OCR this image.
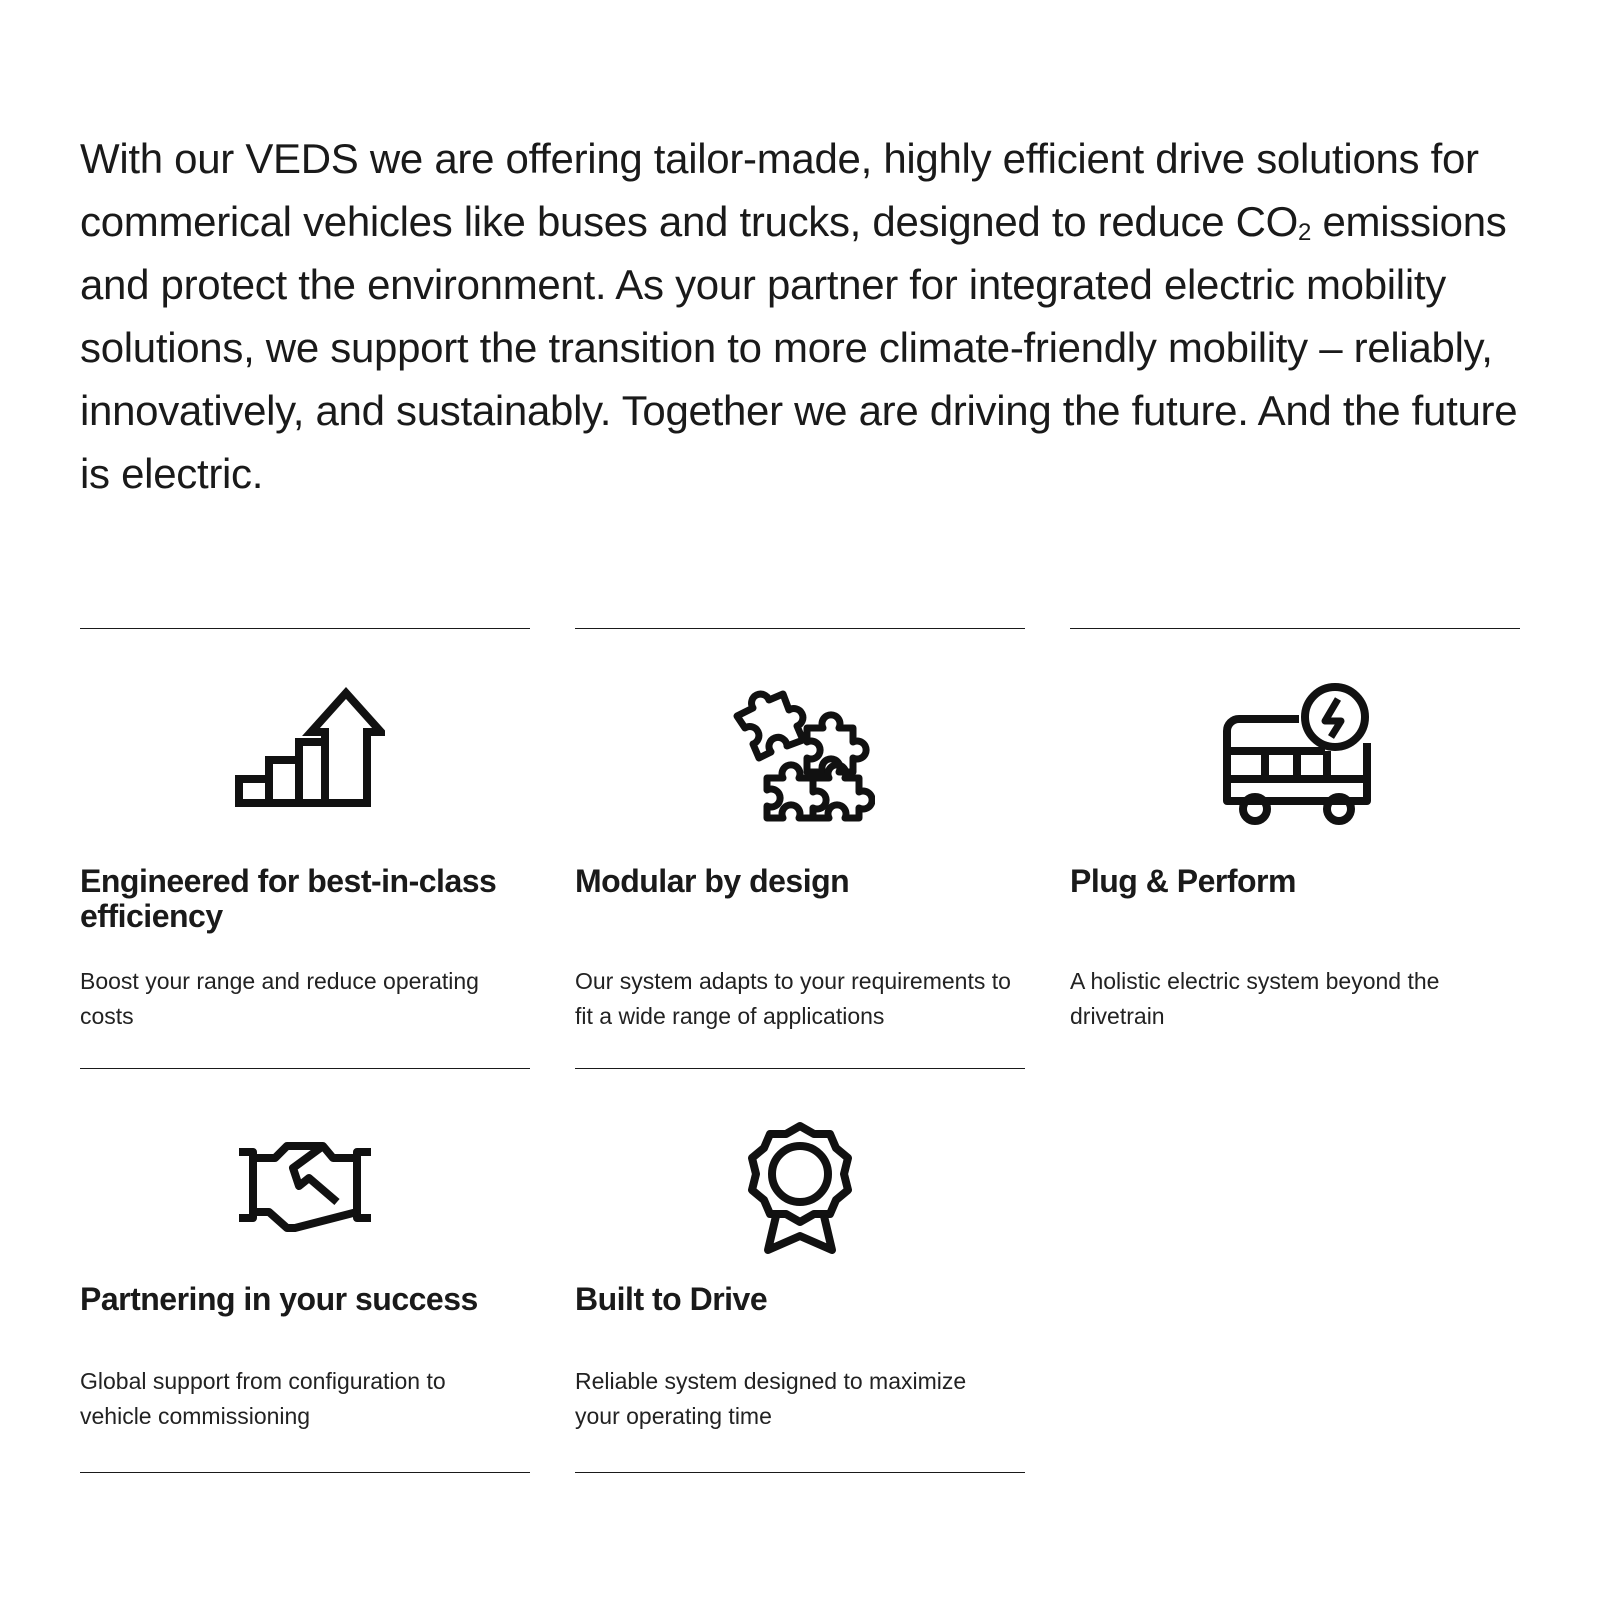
With our VEDS we are offering tailor-made, highly efficient drive solutions for commerical vehicles like buses and trucks, designed to reduce $CO_2$ emissions and protect the environment. As your partner for integrated electric mobility solutions, we support the transition to more climate-friendly mobility – reliably, innovatively, and sustainably. Together we are driving the future. And the future is electric.

Engineered for best-in-class efficiency

Boost your range and reduce operating costs

Modular by design

Our system adapts to your requirements to fit a wide range of applications

Plug & Perform

A holistic electric system beyond the drivetrain

Partnering in your success

Global support from configuration to vehicle commissioning

Built to Drive

Reliable system designed to maximize your operating time
